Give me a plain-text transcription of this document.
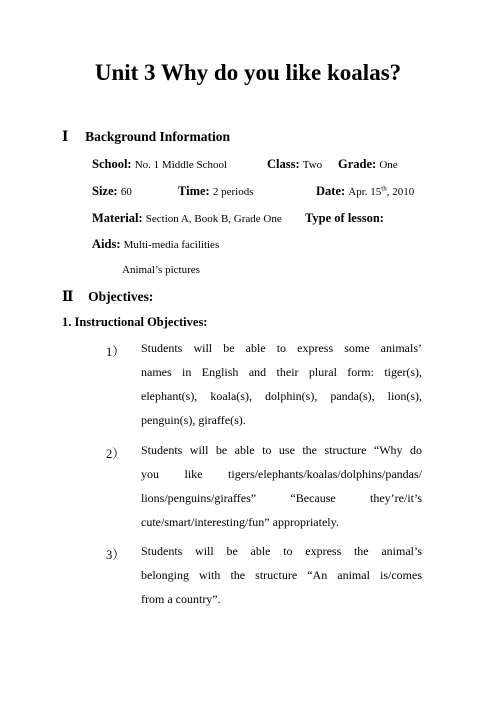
Unit 3 Why do you like koalas?
Ⅰ Background Information
School: No. 1 Middle School	Class: Two Grade: One
Size: 60	Time: 2 periods	Date: Apr. 15th, 2010
Material: Section A, Book B, Grade One Type of lesson:
Aids: Multi-media facilities
Animal’s pictures
Ⅱ Objectives:
1. Instructional Objectives:
1） Students will be able to express some animals’
names in English and their plural form: tiger(s),
elephant(s), koala(s), dolphin(s), panda(s), lion(s),
penguin(s), giraffe(s).
2） Students will be able to use the structure “Why do
you like tigers/elephants/koalas/dolphins/pandas/
lions/penguins/giraffes” “Because they’re/it’s
cute/smart/interesting/fun” appropriately.
3） Students will be able to express the animal’s
belonging with the structure “An animal is/comes
from a country”.
